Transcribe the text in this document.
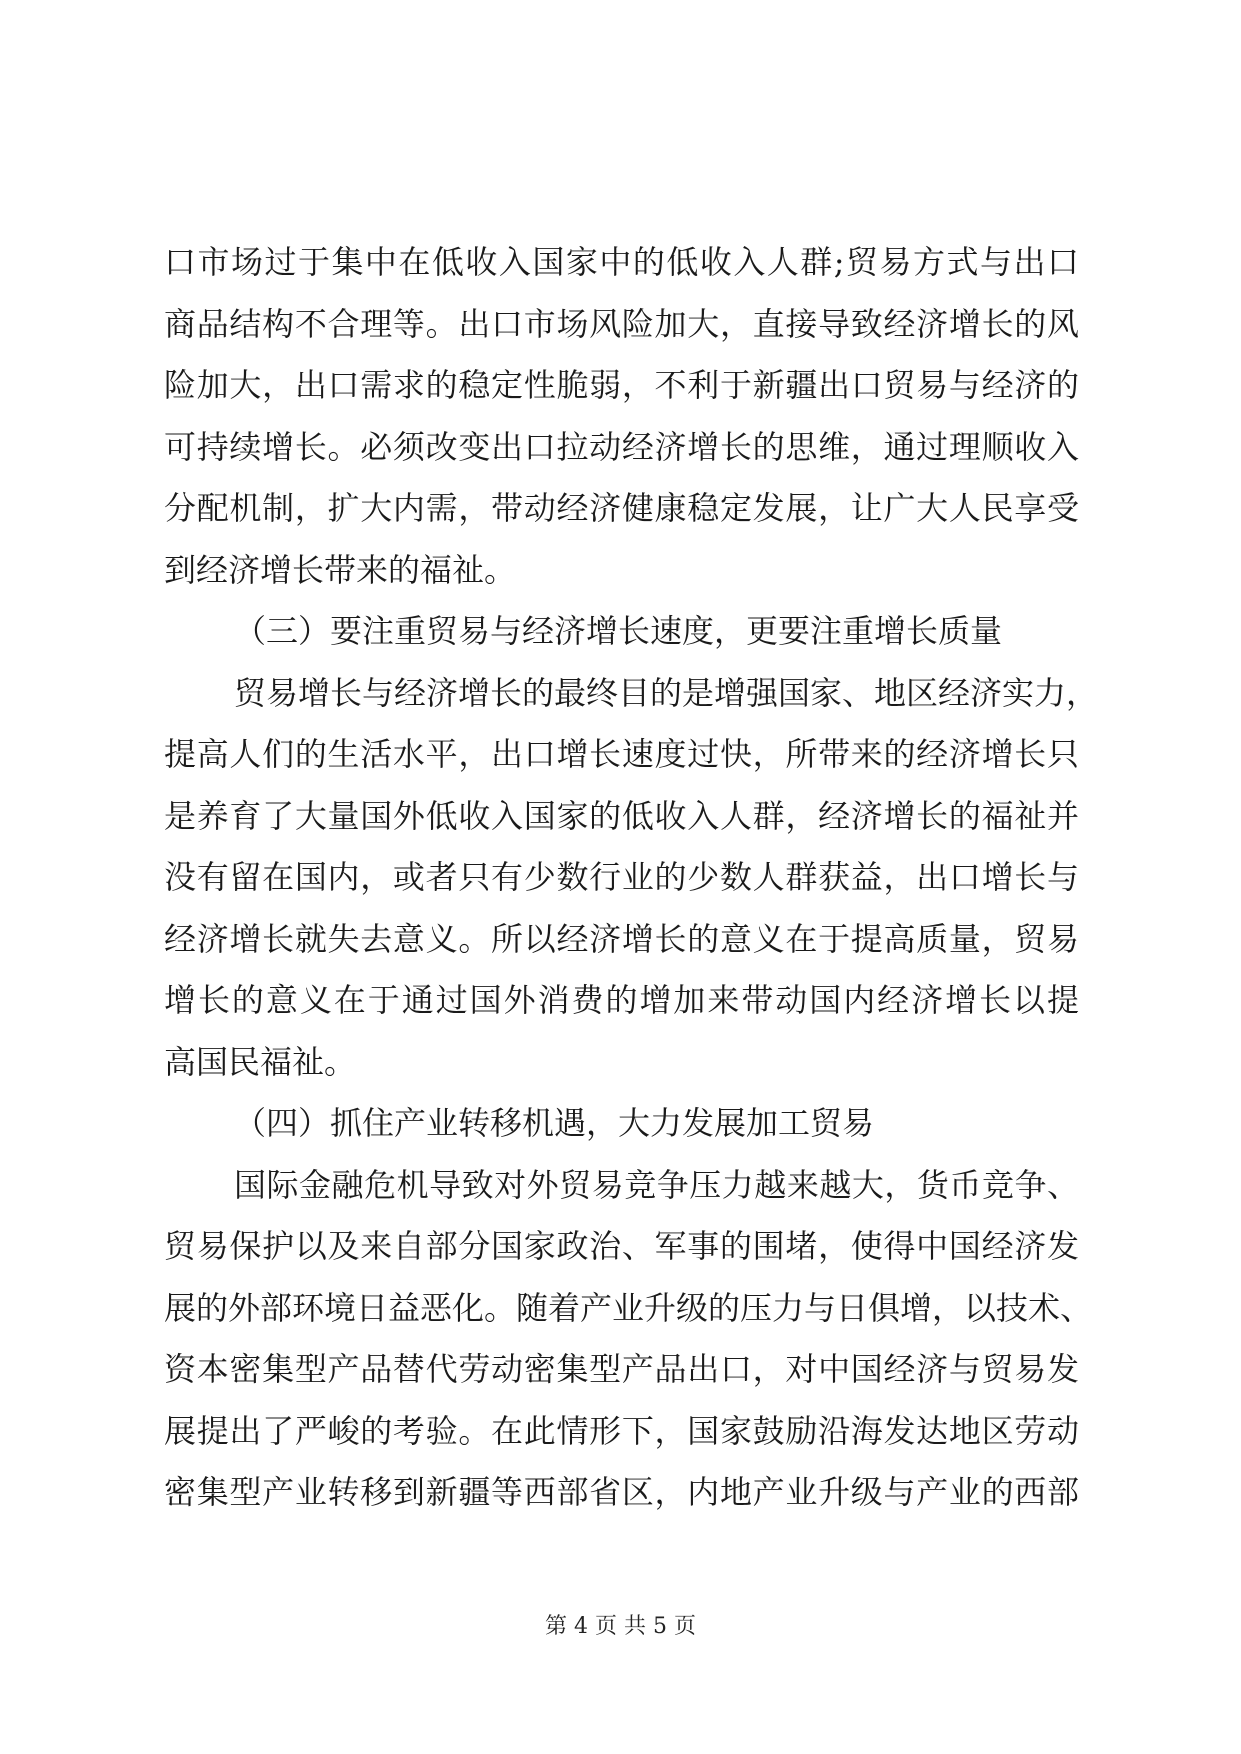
口市场过于集中在低收入国家中的低收入人群;贸易方式与出口
商品结构不合理等。出口市场风险加大，直接导致经济增长的风
险加大，出口需求的稳定性脆弱，不利于新疆出口贸易与经济的
可持续增长。必须改变出口拉动经济增长的思维，通过理顺收入
分配机制，扩大内需，带动经济健康稳定发展，让广大人民享受
到经济增长带来的福祉。
（三）要注重贸易与经济增长速度，更要注重增长质量
贸易增长与经济增长的最终目的是增强国家、地区经济实力，
提高人们的生活水平，出口增长速度过快，所带来的经济增长只
是养育了大量国外低收入国家的低收入人群，经济增长的福祉并
没有留在国内，或者只有少数行业的少数人群获益，出口增长与
经济增长就失去意义。所以经济增长的意义在于提高质量，贸易
增长的意义在于通过国外消费的增加来带动国内经济增长以提
高国民福祉。
（四）抓住产业转移机遇，大力发展加工贸易
国际金融危机导致对外贸易竞争压力越来越大，货币竞争、
贸易保护以及来自部分国家政治、军事的围堵，使得中国经济发
展的外部环境日益恶化。随着产业升级的压力与日俱增，以技术、
资本密集型产品替代劳动密集型产品出口，对中国经济与贸易发
展提出了严峻的考验。在此情形下，国家鼓励沿海发达地区劳动
密集型产业转移到新疆等西部省区，内地产业升级与产业的西部
第 4 页 共 5 页
